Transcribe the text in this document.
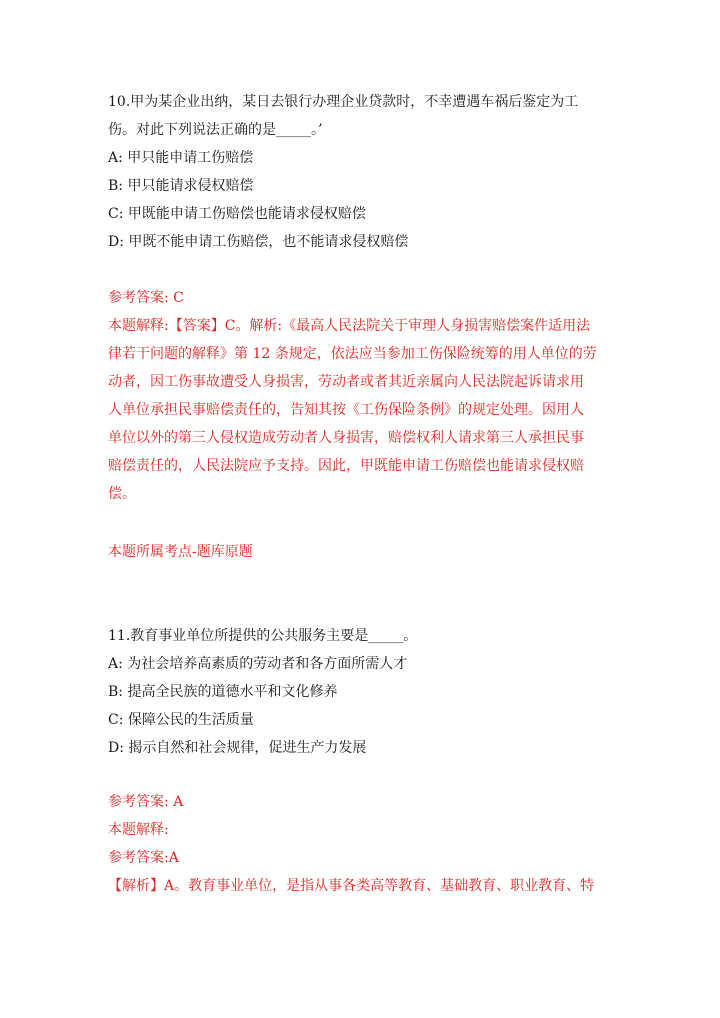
10.甲为某企业出纳，某日去银行办理企业贷款时，不幸遭遇车祸后鉴定为工
伤。对此下列说法正确的是_____。’
A: 甲只能申请工伤赔偿
B: 甲只能请求侵权赔偿
C: 甲既能申请工伤赔偿也能请求侵权赔偿
D: 甲既不能申请工伤赔偿，也不能请求侵权赔偿
参考答案: C
本题解释:【答案】C。解析:《最高人民法院关于审理人身损害赔偿案件适用法
律若干问题的解释》第 12 条规定，依法应当参加工伤保险统筹的用人单位的劳
动者，因工伤事故遭受人身损害，劳动者或者其近亲属向人民法院起诉请求用
人单位承担民事赔偿责任的，告知其按《工伤保险条例》的规定处理。因用人
单位以外的第三人侵权造成劳动者人身损害，赔偿权利人请求第三人承担民事
赔偿责任的，人民法院应予支持。因此，甲既能申请工伤赔偿也能请求侵权赔
偿。
本题所属考点-题库原题
11.教育事业单位所提供的公共服务主要是_____。
A: 为社会培养高素质的劳动者和各方面所需人才
B: 提高全民族的道德水平和文化修养
C: 保障公民的生活质量
D: 揭示自然和社会规律，促进生产力发展
参考答案: A
本题解释:
参考答案:A
【解析】A。教育事业单位，是指从事各类高等教育、基础教育、职业教育、特
